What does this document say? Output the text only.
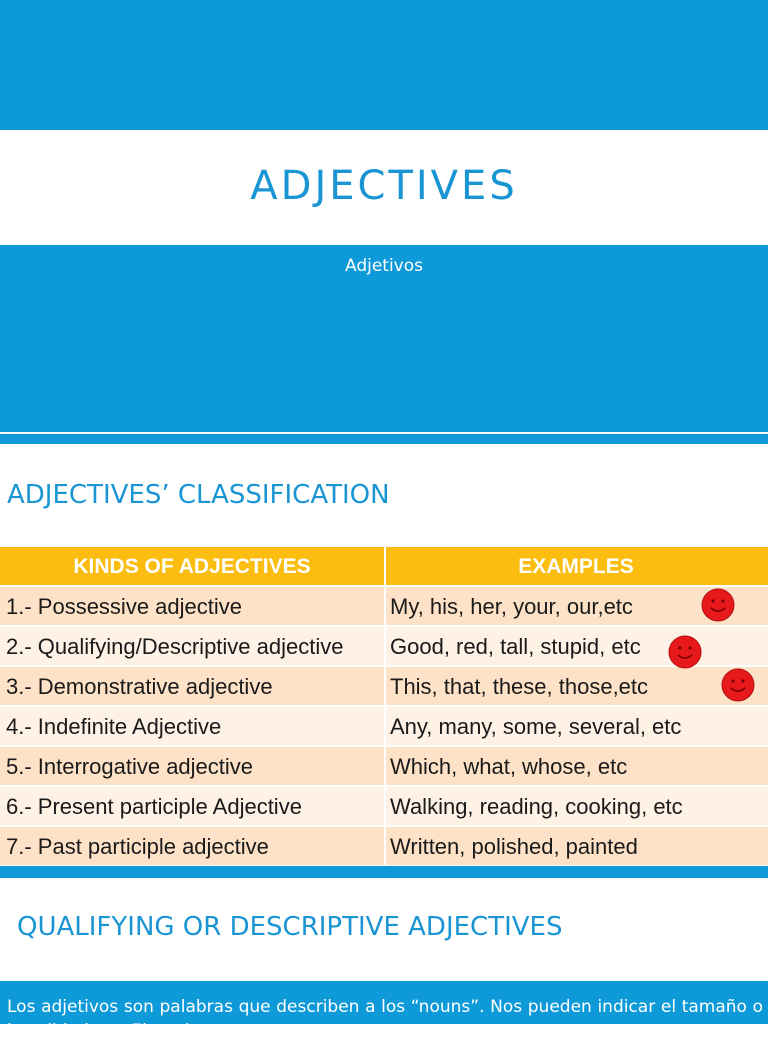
ADJECTIVES
Adjetivos
ADJECTIVES’ CLASSIFICATION
KINDS OF ADJECTIVES	EXAMPLES
1.- Possessive adjective	My, his, her, your, our,etc
2.- Qualifying/Descriptive adjective	Good, red, tall, stupid, etc
3.- Demonstrative adjective	This, that, these, those,etc
4.- Indefinite Adjective	Any, many, some, several, etc
5.- Interrogative adjective	Which, what, whose, etc
6.- Present participle Adjective	Walking, reading, cooking, etc
7.- Past participle adjective	Written, polished, painted
QUALIFYING OR DESCRIPTIVE ADJECTIVES
Los adjetivos son palabras que describen a los “nouns”. Nos pueden indicar el tamaño o la calidad etc. Ejemplos:
